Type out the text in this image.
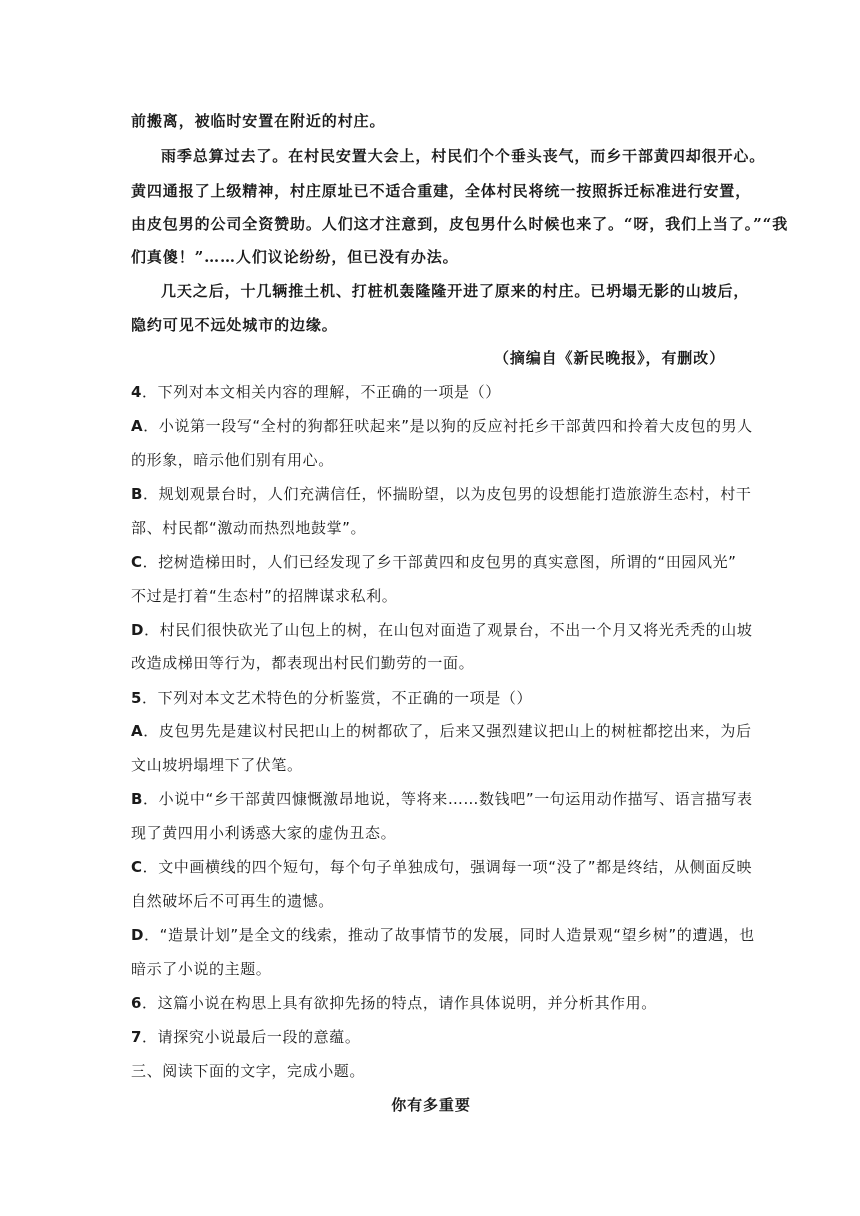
前搬离，被临时安置在附近的村庄。
雨季总算过去了。在村民安置大会上，村民们个个垂头丧气，而乡干部黄四却很开心。
黄四通报了上级精神，村庄原址已不适合重建，全体村民将统一按照拆迁标准进行安置，
由皮包男的公司全资赞助。人们这才注意到，皮包男什么时候也来了。“呀，我们上当了。”“我
们真傻！”……人们议论纷纷，但已没有办法。
几天之后，十几辆推土机、打桩机轰隆隆开进了原来的村庄。已坍塌无影的山坡后，
隐约可见不远处城市的边缘。
（摘编自《新民晚报》，有删改）
4．下列对本文相关内容的理解，不正确的一项是（）
A．小说第一段写“全村的狗都狂吠起来”是以狗的反应衬托乡干部黄四和拎着大皮包的男人
的形象，暗示他们别有用心。
B．规划观景台时，人们充满信任，怀揣盼望，以为皮包男的设想能打造旅游生态村，村干
部、村民都“激动而热烈地鼓掌”。
C．挖树造梯田时，人们已经发现了乡干部黄四和皮包男的真实意图，所谓的“田园风光”
不过是打着“生态村”的招牌谋求私利。
D．村民们很快砍光了山包上的树，在山包对面造了观景台，不出一个月又将光秃秃的山坡
改造成梯田等行为，都表现出村民们勤劳的一面。
5．下列对本文艺术特色的分析鉴赏，不正确的一项是（）
A．皮包男先是建议村民把山上的树都砍了，后来又强烈建议把山上的树桩都挖出来，为后
文山坡坍塌埋下了伏笔。
B．小说中“乡干部黄四慷慨激昂地说，等将来……数钱吧”一句运用动作描写、语言描写表
现了黄四用小利诱惑大家的虚伪丑态。
C．文中画横线的四个短句，每个句子单独成句，强调每一项“没了”都是终结，从侧面反映
自然破坏后不可再生的遗憾。
D．“造景计划”是全文的线索，推动了故事情节的发展，同时人造景观“望乡树”的遭遇，也
暗示了小说的主题。
6．这篇小说在构思上具有欲抑先扬的特点，请作具体说明，并分析其作用。
7．请探究小说最后一段的意蕴。
三、阅读下面的文字，完成小题。
你有多重要
